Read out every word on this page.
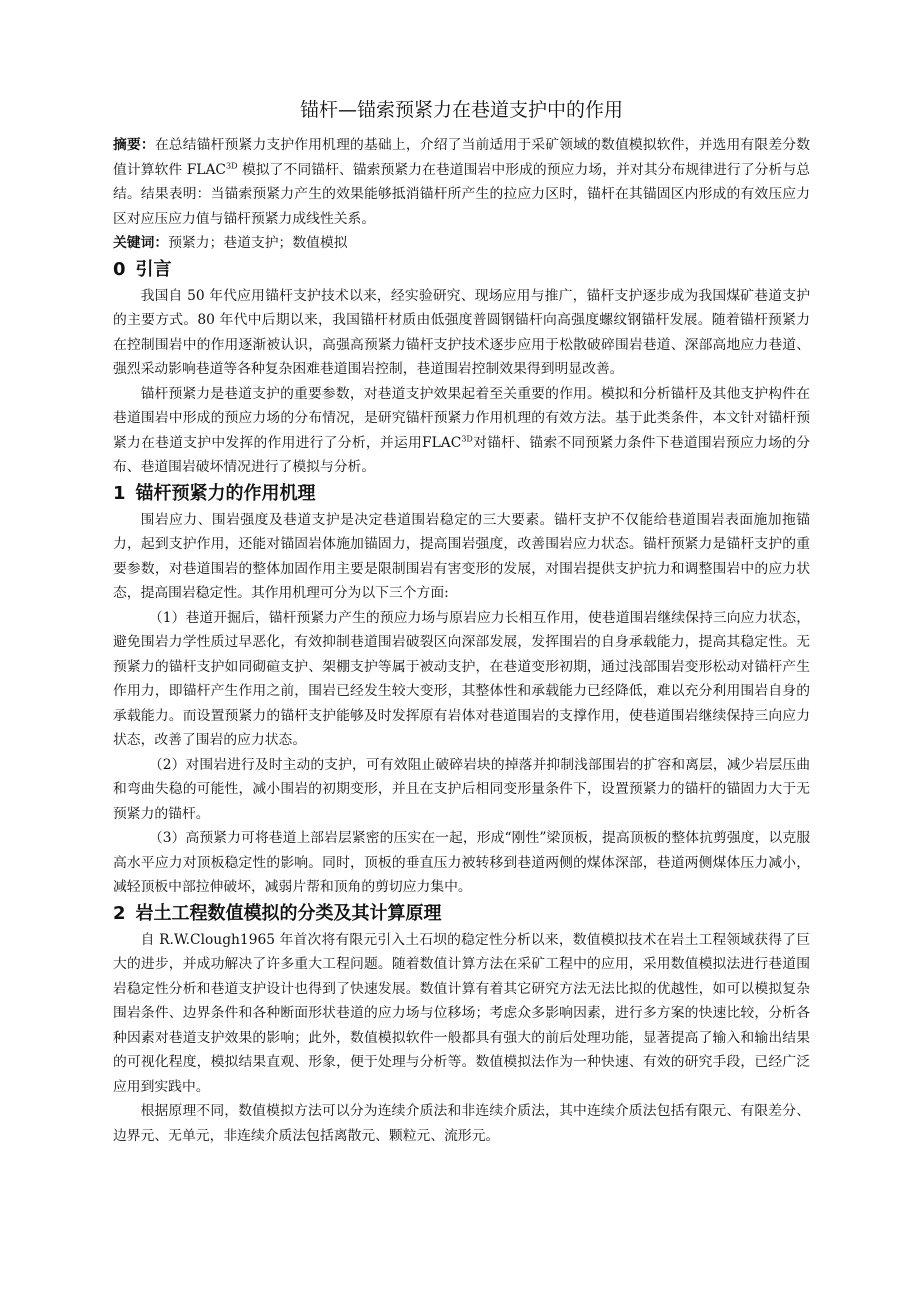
锚杆—锚索预紧力在巷道支护中的作用

摘要：在总结锚杆预紧力支护作用机理的基础上，介绍了当前适用于采矿领域的数值模拟软件，并选用有限差分数值计算软件 $FLAC^{3D}$ 模拟了不同锚杆、锚索预紧力在巷道围岩中形成的预应力场，并对其分布规律进行了分析与总结。结果表明：当锚索预紧力产生的效果能够抵消锚杆所产生的拉应力区时，锚杆在其锚固区内形成的有效压应力区对应压应力值与锚杆预紧力成线性关系。

关键词：预紧力；巷道支护；数值模拟

0 引言

我国自 50 年代应用锚杆支护技术以来，经实验研究、现场应用与推广，锚杆支护逐步成为我国煤矿巷道支护的主要方式。80 年代中后期以来，我国锚杆材质由低强度普圆钢锚杆向高强度螺纹钢锚杆发展。随着锚杆预紧力在控制围岩中的作用逐渐被认识，高强高预紧力锚杆支护技术逐步应用于松散破碎围岩巷道、深部高地应力巷道、强烈采动影响巷道等各种复杂困难巷道围岩控制，巷道围岩控制效果得到明显改善。

锚杆预紧力是巷道支护的重要参数，对巷道支护效果起着至关重要的作用。模拟和分析锚杆及其他支护构件在巷道围岩中形成的预应力场的分布情况，是研究锚杆预紧力作用机理的有效方法。基于此类条件，本文针对锚杆预紧力在巷道支护中发挥的作用进行了分析，并运用$FLAC^{3D}$对锚杆、锚索不同预紧力条件下巷道围岩预应力场的分布、巷道围岩破坏情况进行了模拟与分析。

1 锚杆预紧力的作用机理

围岩应力、围岩强度及巷道支护是决定巷道围岩稳定的三大要素。锚杆支护不仅能给巷道围岩表面施加拖锚力，起到支护作用，还能对锚固岩体施加锚固力，提高围岩强度，改善围岩应力状态。锚杆预紧力是锚杆支护的重要参数，对巷道围岩的整体加固作用主要是限制围岩有害变形的发展，对围岩提供支护抗力和调整围岩中的应力状态，提高围岩稳定性。其作用机理可分为以下三个方面:

（1）巷道开掘后，锚杆预紧力产生的预应力场与原岩应力长相互作用，使巷道围岩继续保持三向应力状态，避免围岩力学性质过早恶化，有效抑制巷道围岩破裂区向深部发展，发挥围岩的自身承载能力，提高其稳定性。无预紧力的锚杆支护如同砌碹支护、架棚支护等属于被动支护，在巷道变形初期，通过浅部围岩变形松动对锚杆产生作用力，即锚杆产生作用之前，围岩已经发生较大变形，其整体性和承载能力已经降低，难以充分利用围岩自身的承载能力。而设置预紧力的锚杆支护能够及时发挥原有岩体对巷道围岩的支撑作用，使巷道围岩继续保持三向应力状态，改善了围岩的应力状态。

（2）对围岩进行及时主动的支护，可有效阻止破碎岩块的掉落并抑制浅部围岩的扩容和离层，减少岩层压曲和弯曲失稳的可能性，减小围岩的初期变形，并且在支护后相同变形量条件下，设置预紧力的锚杆的锚固力大于无预紧力的锚杆。

（3）高预紧力可将巷道上部岩层紧密的压实在一起，形成“刚性”梁顶板，提高顶板的整体抗剪强度，以克服高水平应力对顶板稳定性的影响。同时，顶板的垂直压力被转移到巷道两侧的煤体深部，巷道两侧煤体压力减小，减轻顶板中部拉伸破坏，减弱片帮和顶角的剪切应力集中。

2 岩土工程数值模拟的分类及其计算原理

自 R.W.Clough1965 年首次将有限元引入土石坝的稳定性分析以来，数值模拟技术在岩土工程领域获得了巨大的进步，并成功解决了许多重大工程问题。随着数值计算方法在采矿工程中的应用，采用数值模拟法进行巷道围岩稳定性分析和巷道支护设计也得到了快速发展。数值计算有着其它研究方法无法比拟的优越性，如可以模拟复杂围岩条件、边界条件和各种断面形状巷道的应力场与位移场；考虑众多影响因素，进行多方案的快速比较，分析各种因素对巷道支护效果的影响；此外，数值模拟软件一般都具有强大的前后处理功能，显著提高了输入和输出结果的可视化程度，模拟结果直观、形象，便于处理与分析等。数值模拟法作为一种快速、有效的研究手段，已经广泛应用到实践中。

根据原理不同，数值模拟方法可以分为连续介质法和非连续介质法，其中连续介质法包括有限元、有限差分、边界元、无单元，非连续介质法包括离散元、颗粒元、流形元。
